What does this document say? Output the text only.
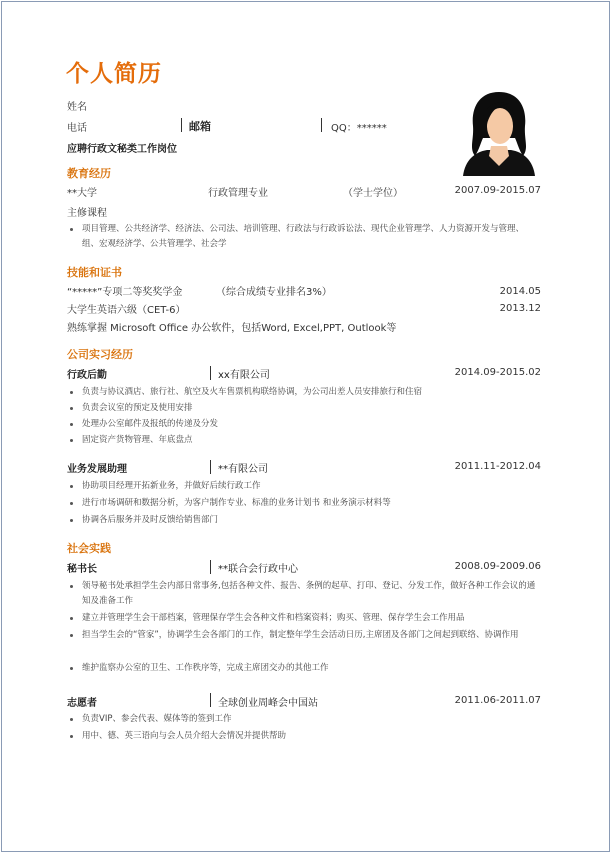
个人简历
姓名
电话	邮箱	QQ：******
应聘行政文秘类工作岗位
教育经历
**大学	行政管理专业	（学士学位）	2007.09-2015.07
主修课程
项目管理、公共经济学、经济法、公司法、培训管理、行政法与行政诉讼法、现代企业管理学、人力资源开发与管理、组、宏观经济学、公共管理学、社会学
技能和证书
“*****”专项二等奖奖学金	（综合成绩专业排名3%）	2014.05
大学生英语六级（CET-6）	2013.12
熟练掌握 Microsoft Office 办公软件，包括Word, Excel,PPT, Outlook等
公司实习经历
行政后勤	xx有限公司	2014.09-2015.02
负责与协议酒店、旅行社、航空及火车售票机构联络协调，为公司出差人员安排旅行和住宿
负责会议室的预定及使用安排
处理办公室邮件及报纸的传递及分发
固定资产货物管理、年底盘点
业务发展助理	**有限公司	2011.11-2012.04
协助项目经理开拓新业务，并做好后续行政工作
进行市场调研和数据分析，为客户制作专业、标准的业务计划书 和业务演示材料等
协调各后服务并及时反馈给销售部门
社会实践
秘书长	**联合会行政中心	2008.09-2009.06
领导秘书处承担学生会内部日常事务,包括各种文件、报告、条例的起草、打印、登记、分发工作，做好各种工作会议的通知及准备工作
建立并管理学生会干部档案，管理保存学生会各种文件和档案资料；购买、管理、保存学生会工作用品
担当学生会的“管家”，协调学生会各部门的工作，制定整年学生会活动日历,主席团及各部门之间起到联络、协调作用
维护监察办公室的卫生、工作秩序等，完成主席团交办的其他工作
志愿者	全球创业周峰会中国站	2011.06-2011.07
负责VIP、参会代表、媒体等的签到工作
用中、德、英三语向与会人员介绍大会情况并提供帮助
